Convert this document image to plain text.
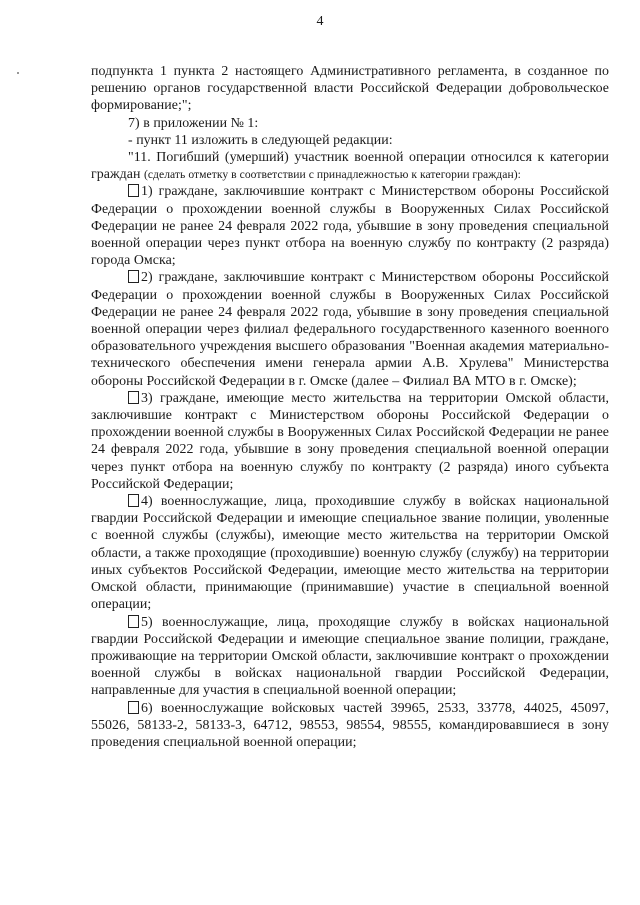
4

подпункта 1 пункта 2 настоящего Административного регламента, в созданное по решению органов государственной власти Российской Федерации добровольческое формирование;";

7) в приложении № 1:

- пункт 11 изложить в следующей редакции:

"11. Погибший (умерший) участник военной операции относился к категории граждан (сделать отметку в соответствии с принадлежностью к категории граждан):

1) граждане, заключившие контракт с Министерством обороны Российской Федерации о прохождении военной службы в Вооруженных Силах Российской Федерации не ранее 24 февраля 2022 года, убывшие в зону проведения специальной военной операции через пункт отбора на военную службу по контракту (2 разряда) города Омска;

2) граждане, заключившие контракт с Министерством обороны Российской Федерации о прохождении военной службы в Вооруженных Силах Российской Федерации не ранее 24 февраля 2022 года, убывшие в зону проведения специальной военной операции через филиал федерального государственного казенного военного образовательного учреждения высшего образования "Военная академия материально-технического обеспечения имени генерала армии А.В. Хрулева" Министерства обороны Российской Федерации в г. Омске (далее – Филиал ВА МТО в г. Омске);

3) граждане, имеющие место жительства на территории Омской области, заключившие контракт с Министерством обороны Российской Федерации о прохождении военной службы в Вооруженных Силах Российской Федерации не ранее 24 февраля 2022 года, убывшие в зону проведения специальной военной операции через пункт отбора на военную службу по контракту (2 разряда) иного субъекта Российской Федерации;

4) военнослужащие, лица, проходившие службу в войсках национальной гвардии Российской Федерации и имеющие специальное звание полиции, уволенные с военной службы (службы), имеющие место жительства на территории Омской области, а также проходящие (проходившие) военную службу (службу) на территории иных субъектов Российской Федерации, имеющие место жительства на территории Омской области, принимающие (принимавшие) участие в специальной военной операции;

5) военнослужащие, лица, проходящие службу в войсках национальной гвардии Российской Федерации и имеющие специальное звание полиции, граждане, проживающие на территории Омской области, заключившие контракт о прохождении военной службы в войсках национальной гвардии Российской Федерации, направленные для участия в специальной военной операции;

6) военнослужащие войсковых частей 39965, 2533, 33778, 44025, 45097, 55026, 58133-2, 58133-3, 64712, 98553, 98554, 98555, командировавшиеся в зону проведения специальной военной операции;
